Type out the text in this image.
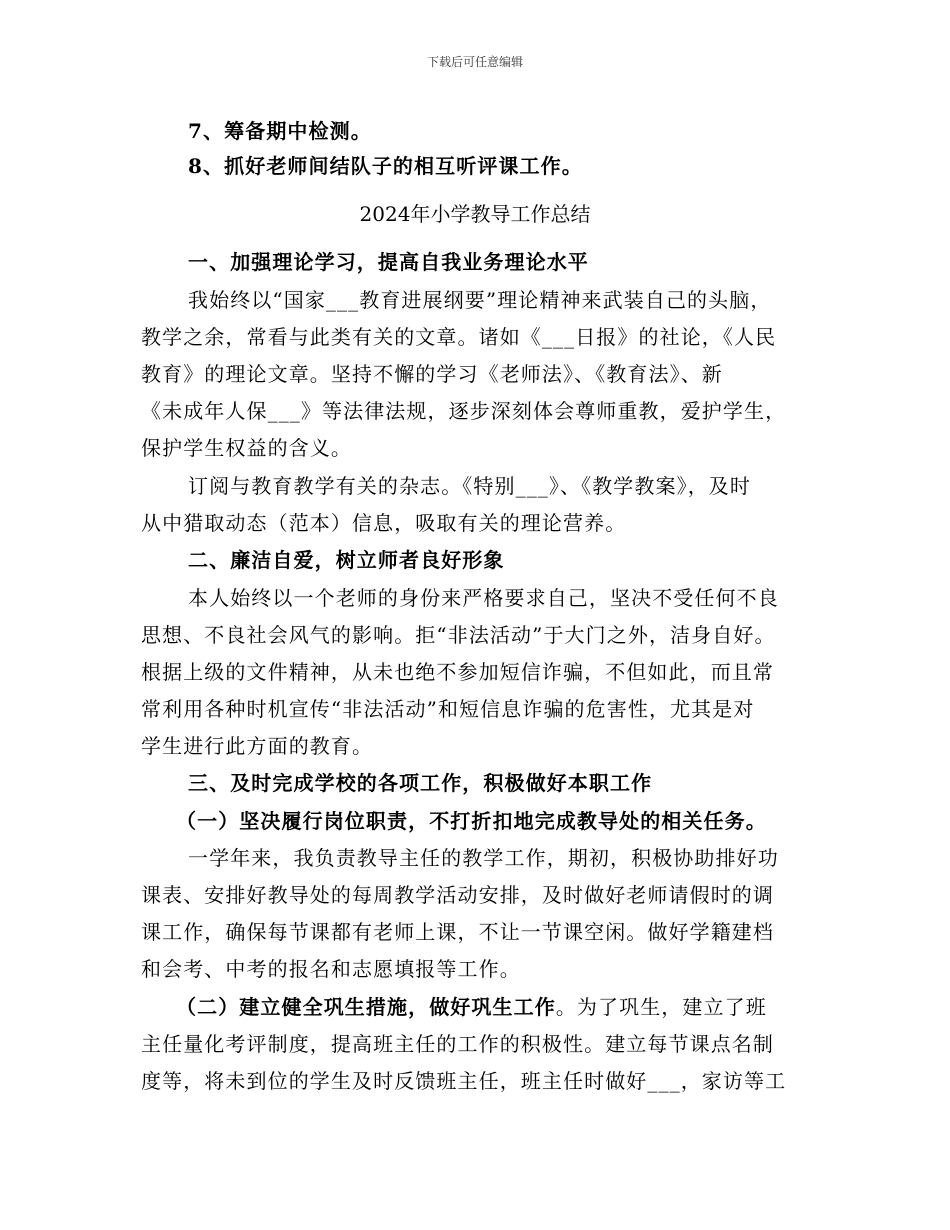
下载后可任意编辑
7、筹备期中检测。
8、抓好老师间结队子的相互听评课工作。
2024年小学教导工作总结
一、加强理论学习，提高自我业务理论水平
我始终以“国家___教育进展纲要”理论精神来武装自己的头脑，
教学之余，常看与此类有关的文章。诸如《___日报》的社论，《人民
教育》的理论文章。坚持不懈的学习《老师法》、《教育法》、新
《未成年人保___》等法律法规，逐步深刻体会尊师重教，爱护学生，
保护学生权益的含义。
订阅与教育教学有关的杂志。《特别___》、《教学教案》，及时
从中猎取动态（范本）信息，吸取有关的理论营养。
二、廉洁自爱，树立师者良好形象
本人始终以一个老师的身份来严格要求自己，坚决不受任何不良
思想、不良社会风气的影响。拒“非法活动”于大门之外，洁身自好。
根据上级的文件精神，从未也绝不参加短信诈骗，不但如此，而且常
常利用各种时机宣传“非法活动”和短信息诈骗的危害性，尤其是对
学生进行此方面的教育。
三、及时完成学校的各项工作，积极做好本职工作
（一）坚决履行岗位职责，不打折扣地完成教导处的相关任务。
一学年来，我负责教导主任的教学工作，期初，积极协助排好功
课表、安排好教导处的每周教学活动安排，及时做好老师请假时的调
课工作，确保每节课都有老师上课，不让一节课空闲。做好学籍建档
和会考、中考的报名和志愿填报等工作。
（二）建立健全巩生措施，做好巩生工作。为了巩生，建立了班
主任量化考评制度，提高班主任的工作的积极性。建立每节课点名制
度等，将未到位的学生及时反馈班主任，班主任时做好___，家访等工
